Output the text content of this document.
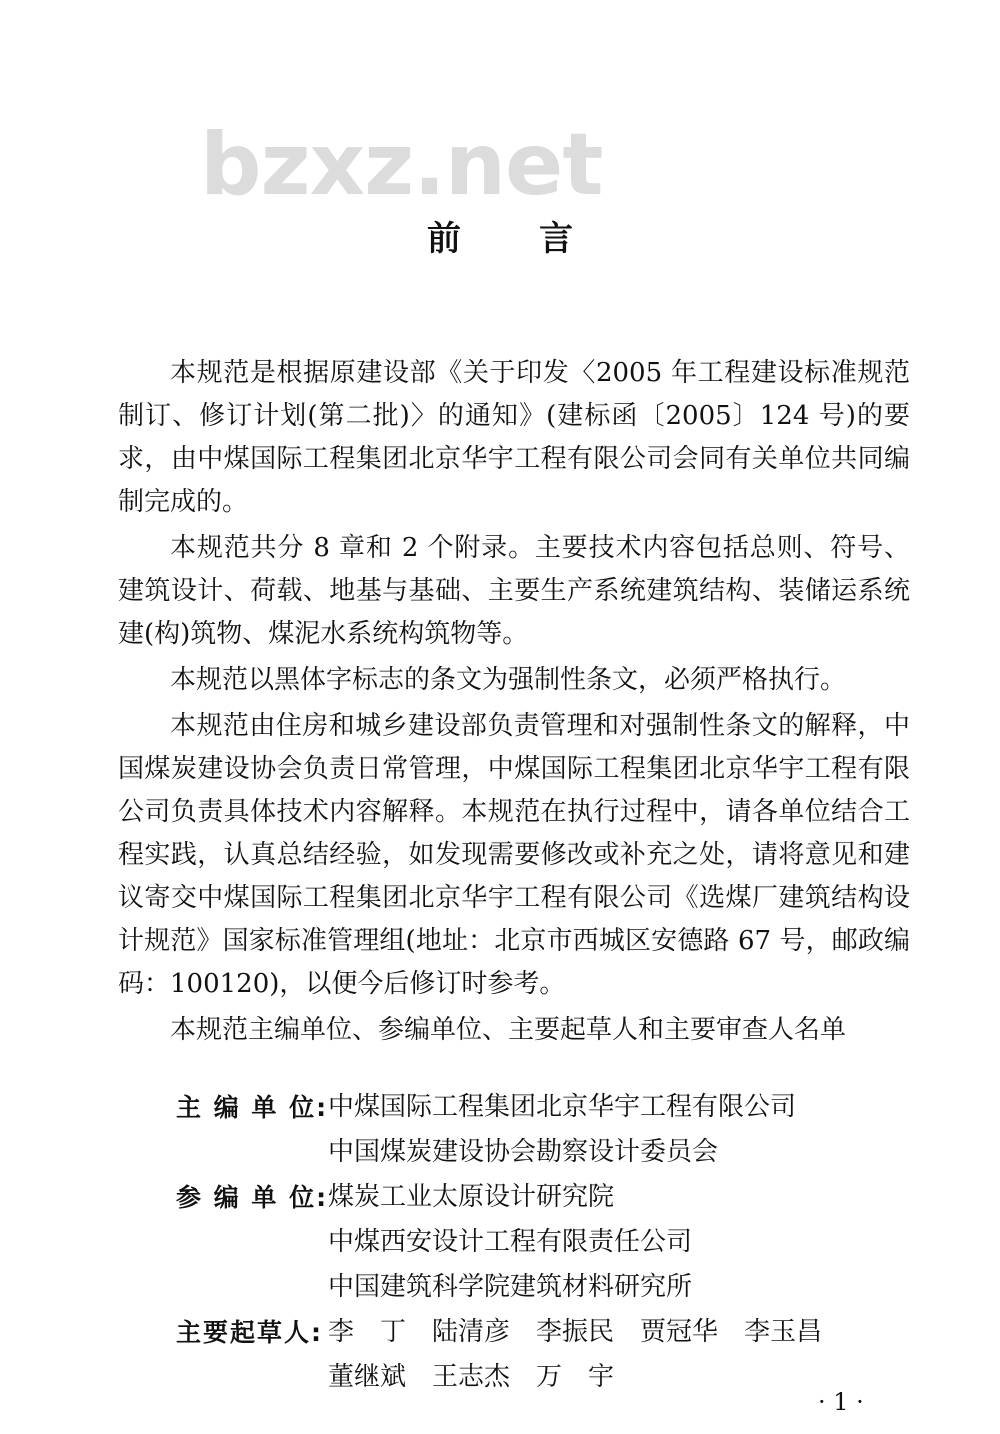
bzxz.net
前 言

本规范是根据原建设部《关于印发〈2005 年工程建设标准规范制订、修订计划(第二批)〉的通知》(建标函〔2005〕124 号)的要求，由中煤国际工程集团北京华宇工程有限公司会同有关单位共同编制完成的。

本规范共分 8 章和 2 个附录。主要技术内容包括总则、符号、建筑设计、荷载、地基与基础、主要生产系统建筑结构、装储运系统建(构)筑物、煤泥水系统构筑物等。

本规范以黑体字标志的条文为强制性条文，必须严格执行。

本规范由住房和城乡建设部负责管理和对强制性条文的解释，中国煤炭建设协会负责日常管理，中煤国际工程集团北京华宇工程有限公司负责具体技术内容解释。本规范在执行过程中，请各单位结合工程实践，认真总结经验，如发现需要修改或补充之处，请将意见和建议寄交中煤国际工程集团北京华宇工程有限公司《选煤厂建筑结构设计规范》国家标准管理组(地址：北京市西城区安德路 67 号，邮政编码：100120)，以便今后修订时参考。

本规范主编单位、参编单位、主要起草人和主要审查人名单

主 编 单 位: 中煤国际工程集团北京华宇工程有限公司
中国煤炭建设协会勘察设计委员会
参 编 单 位: 煤炭工业太原设计研究院
中煤西安设计工程有限责任公司
中国建筑科学院建筑材料研究所
主要起草人: 李　丁 陆清彦 李振民 贾冠华 李玉昌
董继斌 王志杰 万　宇
· 1 ·
